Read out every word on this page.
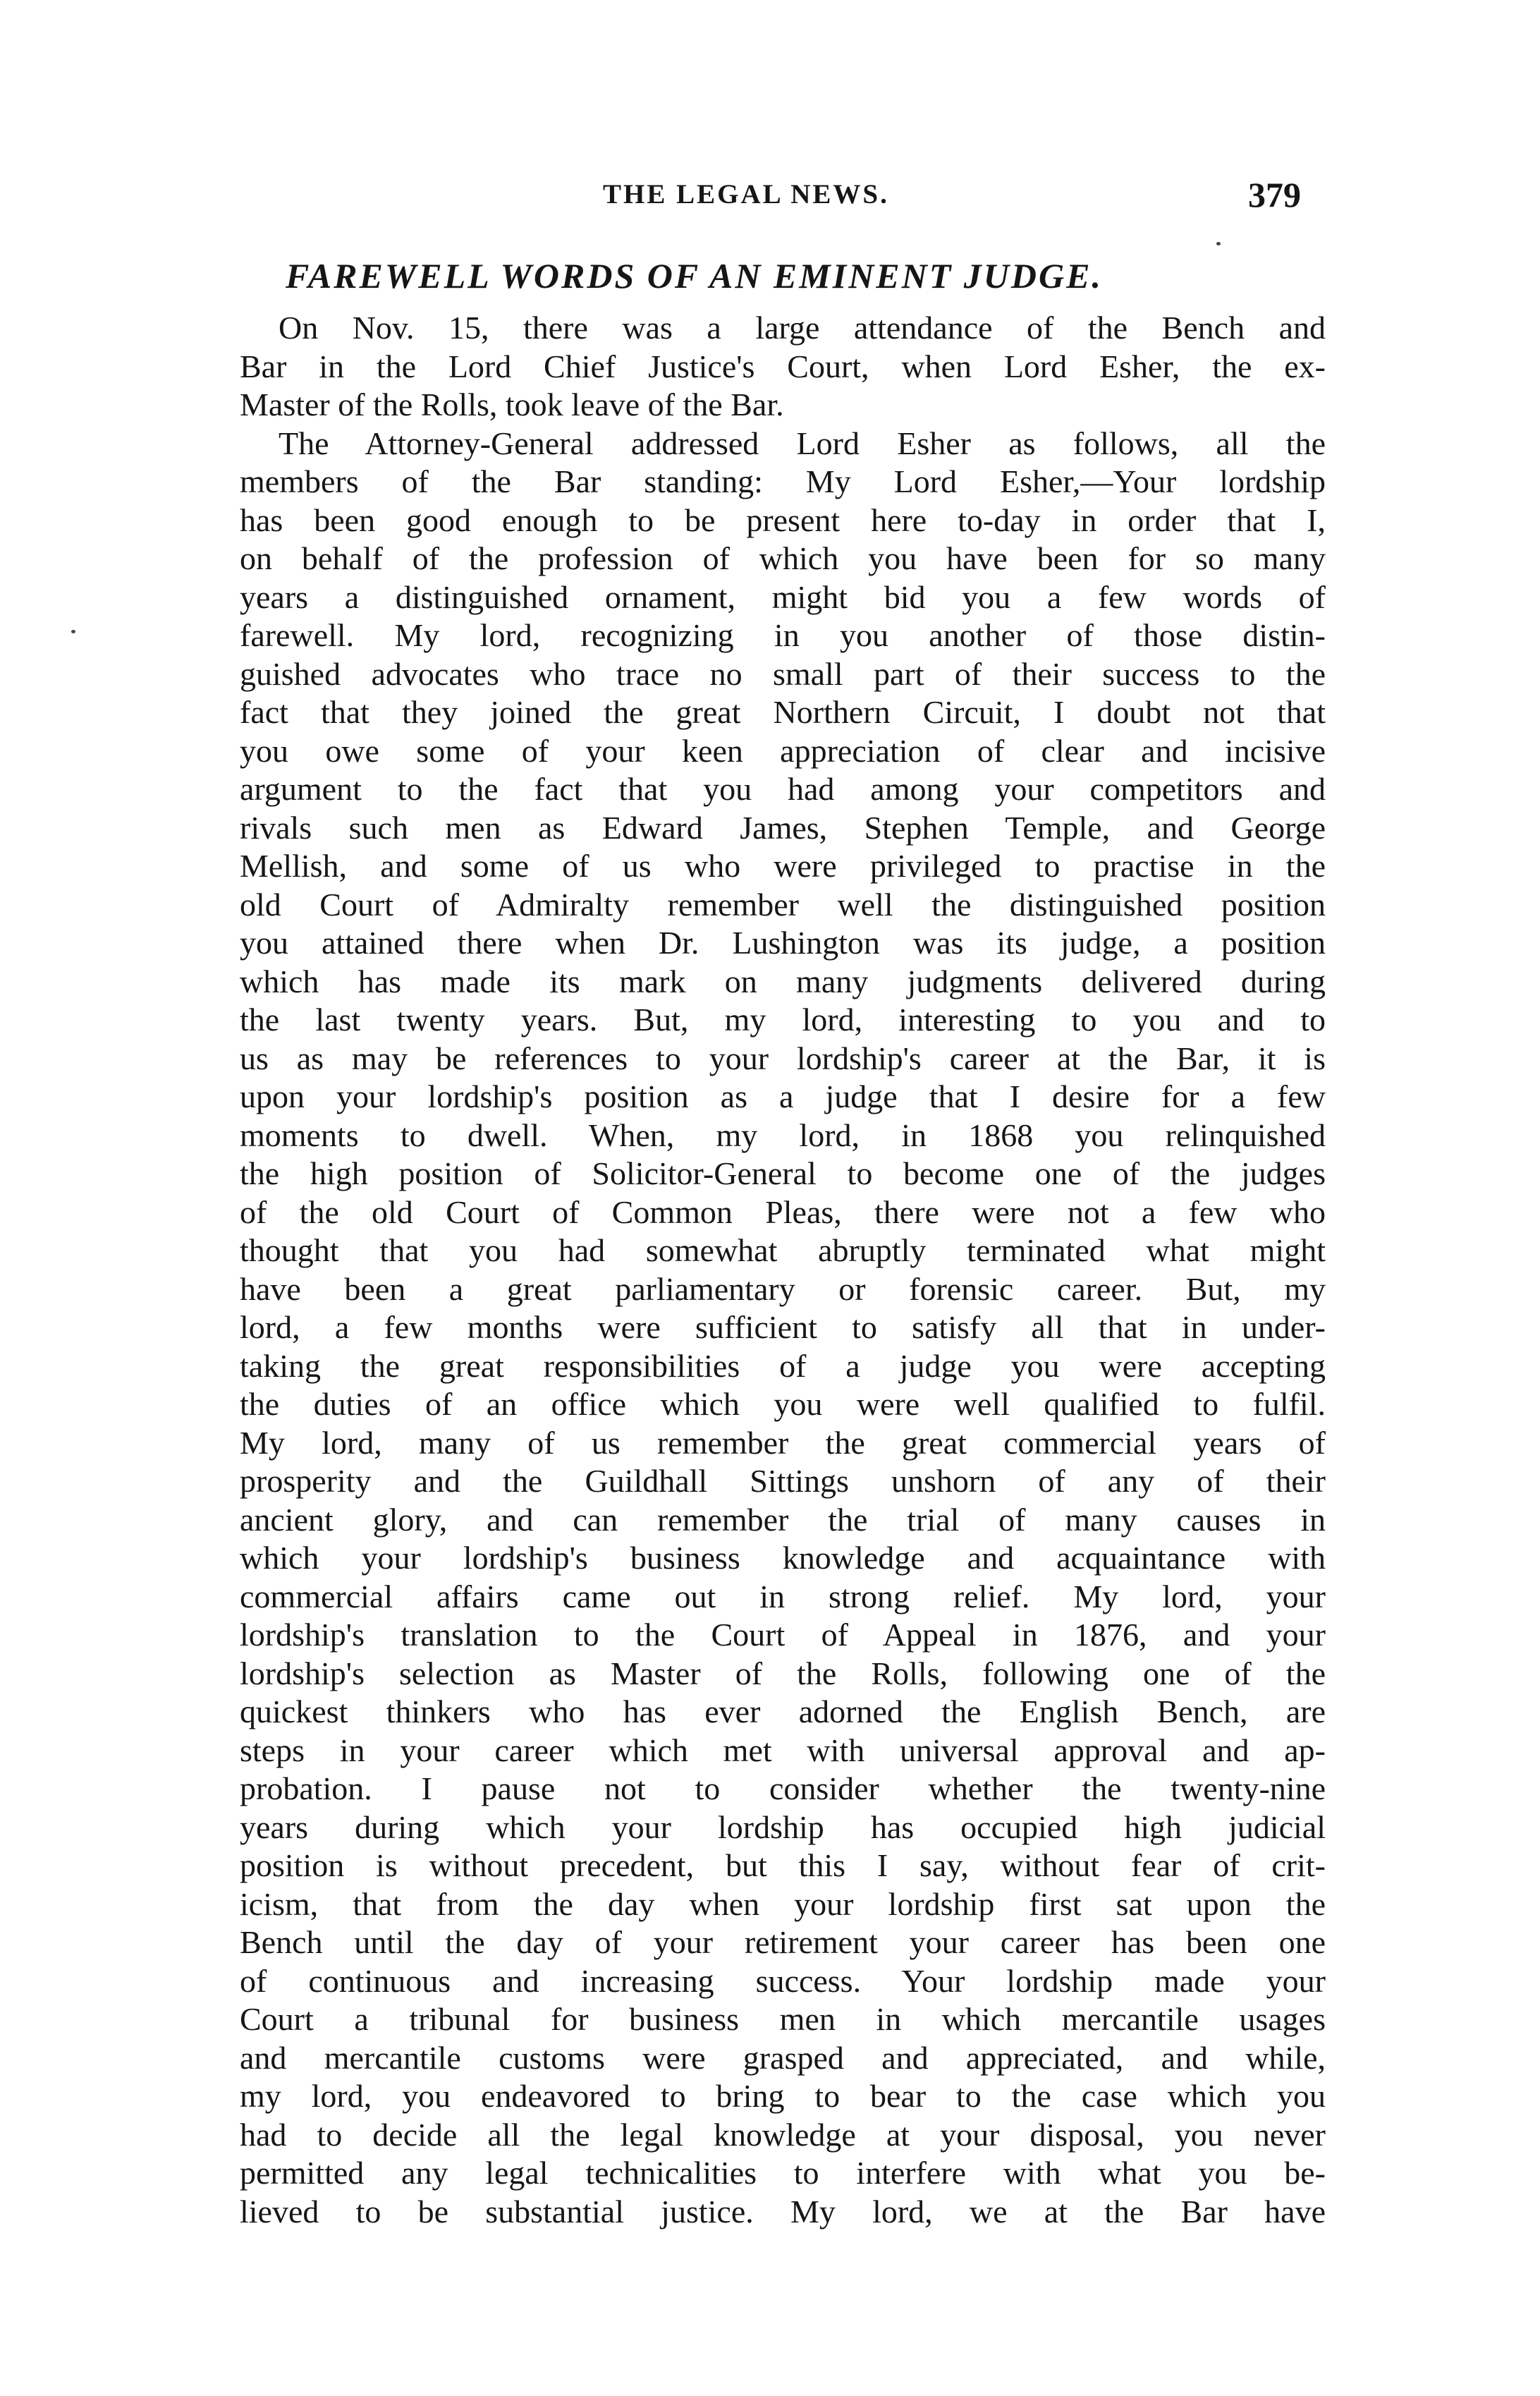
THE LEGAL NEWS.	379
FAREWELL WORDS OF AN EMINENT JUDGE.
On Nov. 15, there was a large attendance of the Bench and
Bar in the Lord Chief Justice's Court, when Lord Esher, the ex-
Master of the Rolls, took leave of the Bar.
The Attorney-General addressed Lord Esher as follows, all the
members of the Bar standing: My Lord Esher,—Your lordship
has been good enough to be present here to-day in order that I,
on behalf of the profession of which you have been for so many
years a distinguished ornament, might bid you a few words of
farewell. My lord, recognizing in you another of those distin-
guished advocates who trace no small part of their success to the
fact that they joined the great Northern Circuit, I doubt not that
you owe some of your keen appreciation of clear and incisive
argument to the fact that you had among your competitors and
rivals such men as Edward James, Stephen Temple, and George
Mellish, and some of us who were privileged to practise in the
old Court of Admiralty remember well the distinguished position
you attained there when Dr. Lushington was its judge, a position
which has made its mark on many judgments delivered during
the last twenty years. But, my lord, interesting to you and to
us as may be references to your lordship's career at the Bar, it is
upon your lordship's position as a judge that I desire for a few
moments to dwell. When, my lord, in 1868 you relinquished
the high position of Solicitor-General to become one of the judges
of the old Court of Common Pleas, there were not a few who
thought that you had somewhat abruptly terminated what might
have been a great parliamentary or forensic career. But, my
lord, a few months were sufficient to satisfy all that in under-
taking the great responsibilities of a judge you were accepting
the duties of an office which you were well qualified to fulfil.
My lord, many of us remember the great commercial years of
prosperity and the Guildhall Sittings unshorn of any of their
ancient glory, and can remember the trial of many causes in
which your lordship's business knowledge and acquaintance with
commercial affairs came out in strong relief. My lord, your
lordship's translation to the Court of Appeal in 1876, and your
lordship's selection as Master of the Rolls, following one of the
quickest thinkers who has ever adorned the English Bench, are
steps in your career which met with universal approval and ap-
probation. I pause not to consider whether the twenty-nine
years during which your lordship has occupied high judicial
position is without precedent, but this I say, without fear of crit-
icism, that from the day when your lordship first sat upon the
Bench until the day of your retirement your career has been one
of continuous and increasing success. Your lordship made your
Court a tribunal for business men in which mercantile usages
and mercantile customs were grasped and appreciated, and while,
my lord, you endeavored to bring to bear to the case which you
had to decide all the legal knowledge at your disposal, you never
permitted any legal technicalities to interfere with what you be-
lieved to be substantial justice. My lord, we at the Bar have
